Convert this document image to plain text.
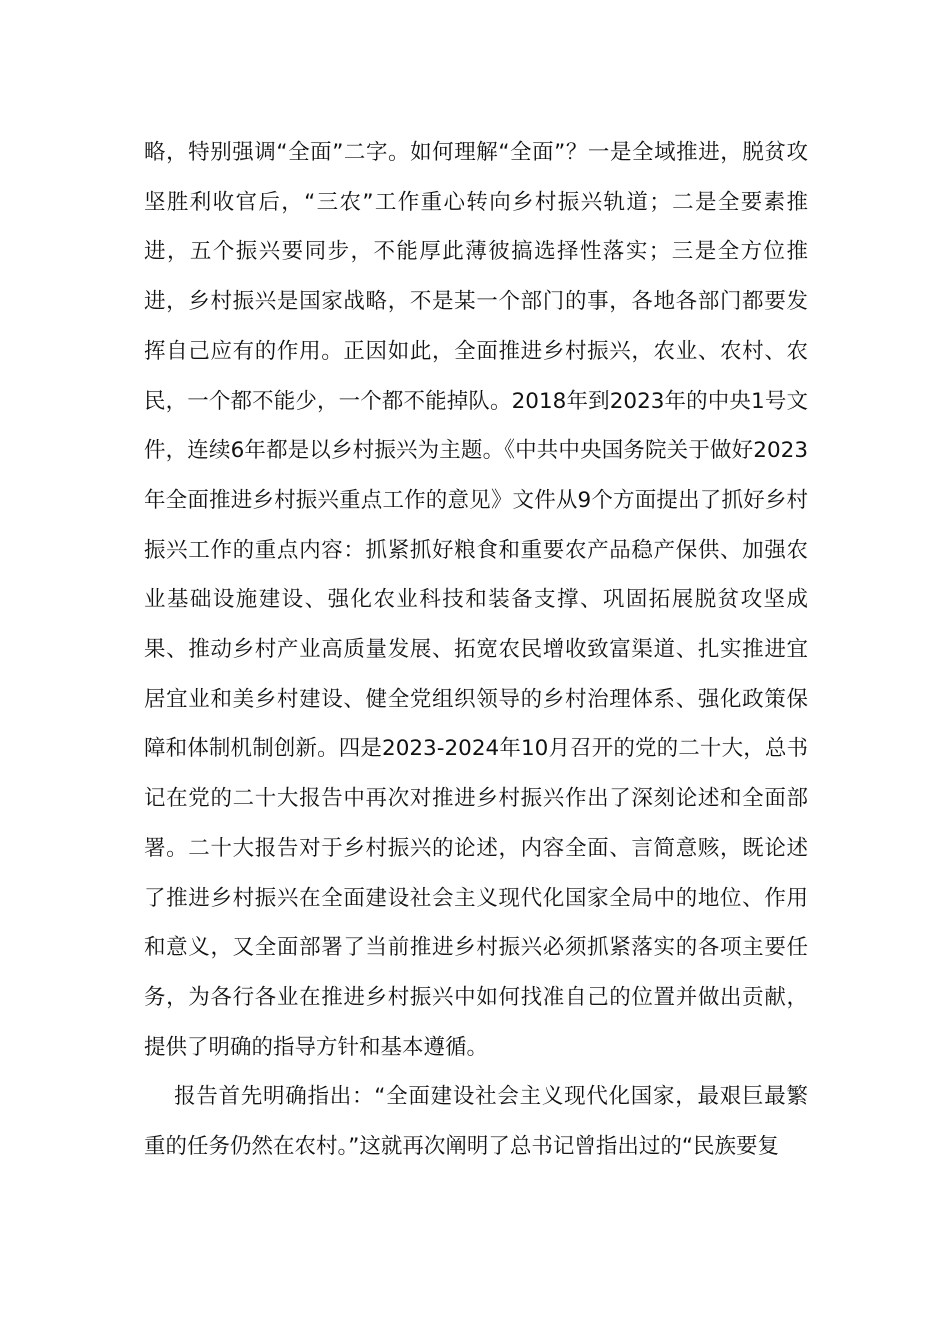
略，特别强调“全面”二字。如何理解“全面”？一是全域推进，脱贫攻坚胜利收官后，“三农”工作重心转向乡村振兴轨道；二是全要素推进，五个振兴要同步，不能厚此薄彼搞选择性落实；三是全方位推进，乡村振兴是国家战略，不是某一个部门的事，各地各部门都要发挥自己应有的作用。正因如此，全面推进乡村振兴，农业、农村、农民，一个都不能少，一个都不能掉队。2018年到2023年的中央1号文件，连续6年都是以乡村振兴为主题。《中共中央国务院关于做好2023年全面推进乡村振兴重点工作的意见》文件从9个方面提出了抓好乡村振兴工作的重点内容：抓紧抓好粮食和重要农产品稳产保供、加强农业基础设施建设、强化农业科技和装备支撑、巩固拓展脱贫攻坚成果、推动乡村产业高质量发展、拓宽农民增收致富渠道、扎实推进宜居宜业和美乡村建设、健全党组织领导的乡村治理体系、强化政策保障和体制机制创新。四是2023-2024年10月召开的党的二十大，总书记在党的二十大报告中再次对推进乡村振兴作出了深刻论述和全面部署。二十大报告对于乡村振兴的论述，内容全面、言简意赅，既论述了推进乡村振兴在全面建设社会主义现代化国家全局中的地位、作用和意义，又全面部署了当前推进乡村振兴必须抓紧落实的各项主要任务，为各行各业在推进乡村振兴中如何找准自己的位置并做出贡献，提供了明确的指导方针和基本遵循。

报告首先明确指出：“全面建设社会主义现代化国家，最艰巨最繁重的任务仍然在农村。”这就再次阐明了总书记曾指出过的“民族要复
